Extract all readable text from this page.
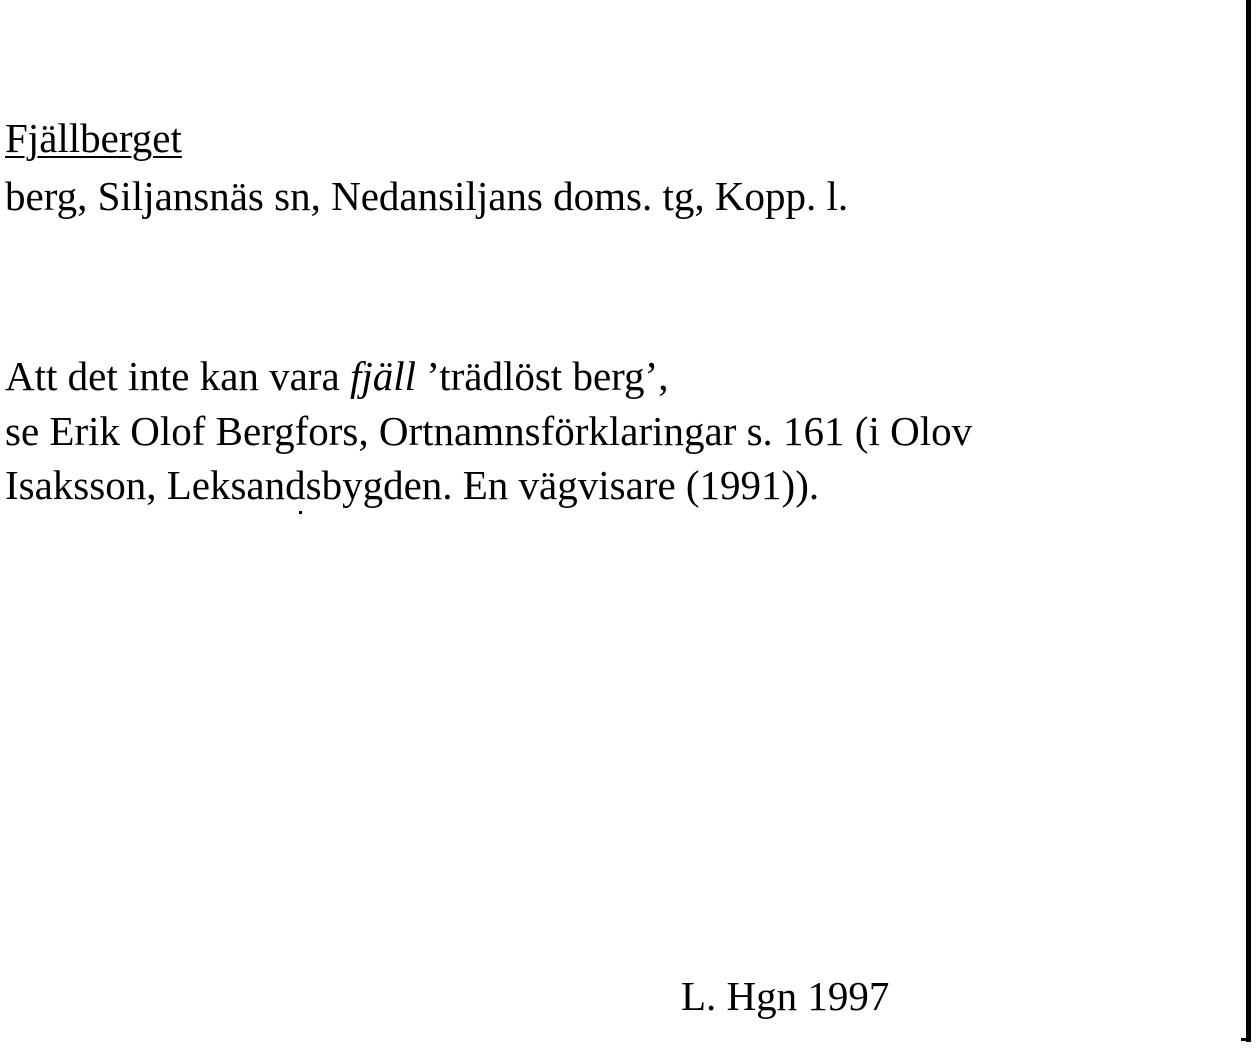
Fjällberget
berg, Siljansnäs sn, Nedansiljans doms. tg, Kopp. l.
Att det inte kan vara fjäll ’trädlöst berg’,
se Erik Olof Bergfors, Ortnamnsförklaringar s. 161 (i Olov
Isaksson, Leksandsbygden. En vägvisare (1991)).
L. Hgn 1997
